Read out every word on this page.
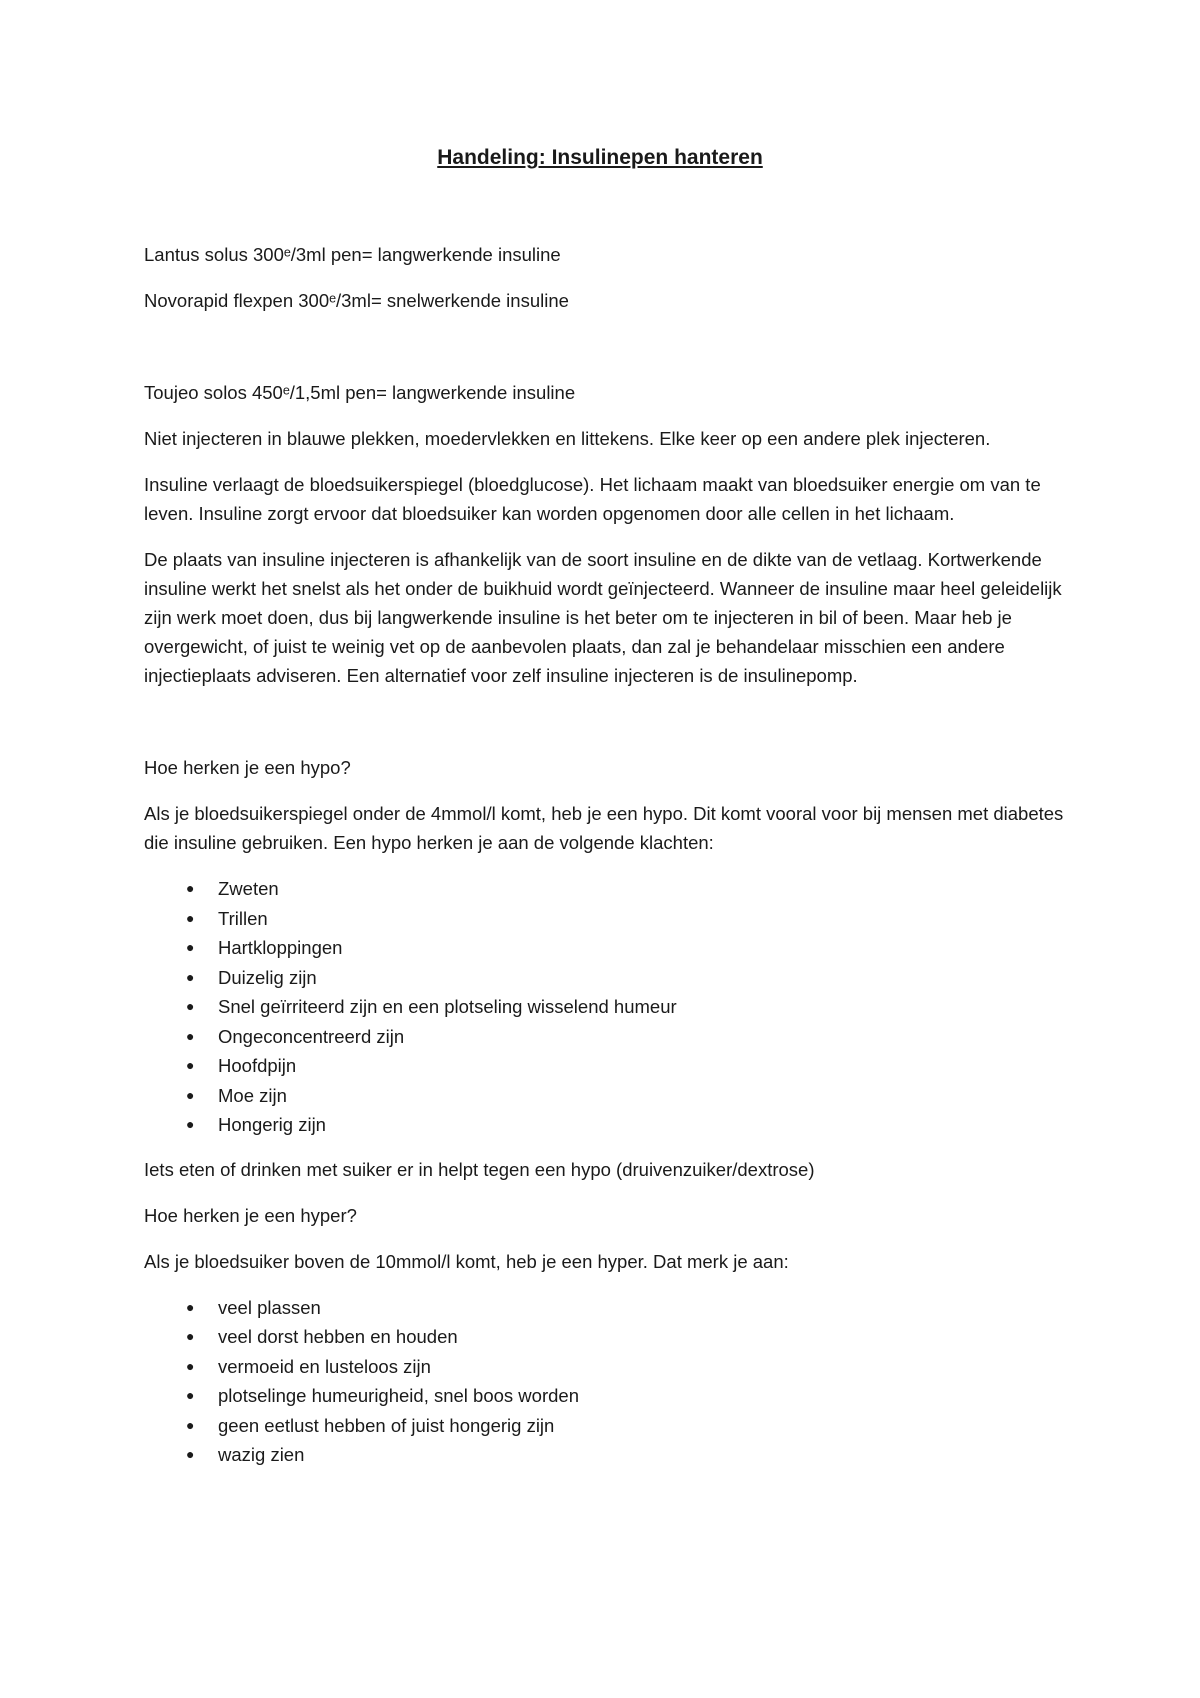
Handeling: Insulinepen hanteren

Lantus solus 300ᵉ/3ml pen= langwerkende insuline

Novorapid flexpen 300ᵉ/3ml= snelwerkende insuline

Toujeo solos 450ᵉ/1,5ml pen= langwerkende insuline

Niet injecteren in blauwe plekken, moedervlekken en littekens. Elke keer op een andere plek injecteren.

Insuline verlaagt de bloedsuikerspiegel (bloedglucose). Het lichaam maakt van bloedsuiker energie om van te leven. Insuline zorgt ervoor dat bloedsuiker kan worden opgenomen door alle cellen in het lichaam.

De plaats van insuline injecteren is afhankelijk van de soort insuline en de dikte van de vetlaag. Kortwerkende insuline werkt het snelst als het onder de buikhuid wordt geïnjecteerd. Wanneer de insuline maar heel geleidelijk zijn werk moet doen, dus bij langwerkende insuline is het beter om te injecteren in bil of been. Maar heb je overgewicht, of juist te weinig vet op de aanbevolen plaats, dan zal je behandelaar misschien een andere injectieplaats adviseren. Een alternatief voor zelf insuline injecteren is de insulinepomp.

Hoe herken je een hypo?

Als je bloedsuikerspiegel onder de 4mmol/l komt, heb je een hypo. Dit komt vooral voor bij mensen met diabetes die insuline gebruiken. Een hypo herken je aan de volgende klachten:

● Zweten
● Trillen
● Hartkloppingen
● Duizelig zijn
● Snel geïrriteerd zijn en een plotseling wisselend humeur
● Ongeconcentreerd zijn
● Hoofdpijn
● Moe zijn
● Hongerig zijn

Iets eten of drinken met suiker er in helpt tegen een hypo (druivenzuiker/dextrose)

Hoe herken je een hyper?

Als je bloedsuiker boven de 10mmol/l komt, heb je een hyper. Dat merk je aan:

● veel plassen
● veel dorst hebben en houden
● vermoeid en lusteloos zijn
● plotselinge humeurigheid, snel boos worden
● geen eetlust hebben of juist hongerig zijn
● wazig zien
